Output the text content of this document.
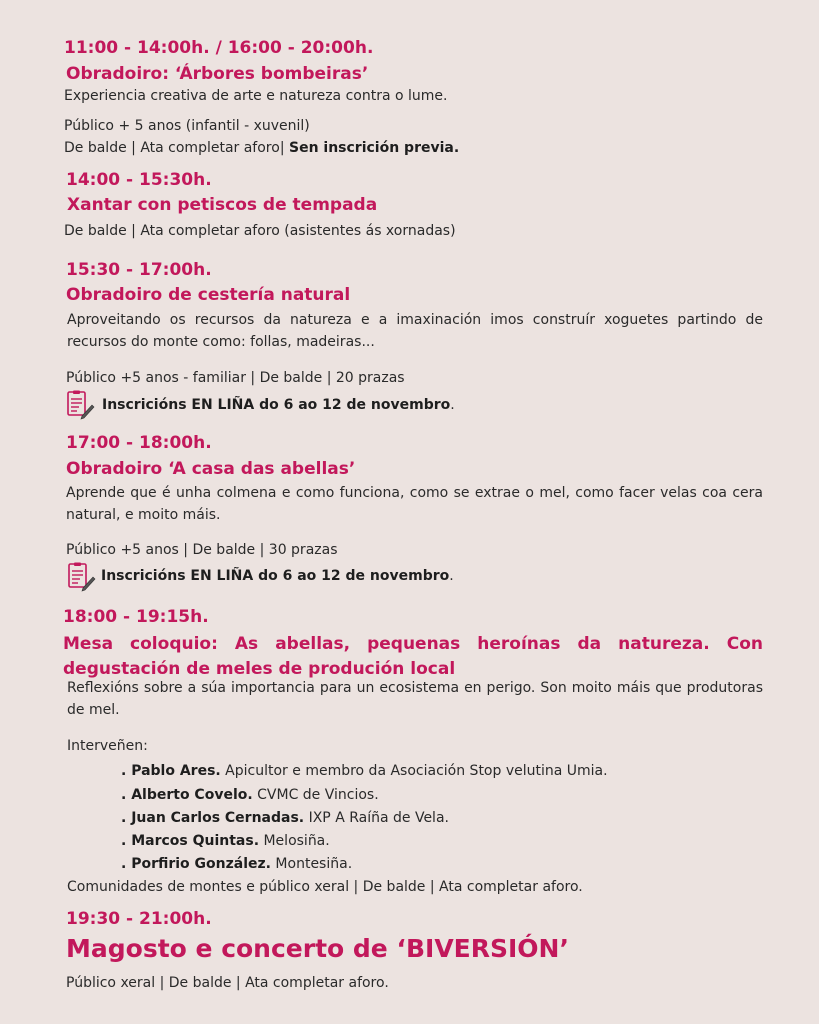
11:00 - 14:00h. / 16:00 - 20:00h.
Obradoiro: ‘Árbores bombeiras’
Experiencia creativa de arte e natureza contra o lume.
Público + 5 anos (infantil - xuvenil)
De balde | Ata completar aforo| Sen inscrición previa.
14:00 - 15:30h.
Xantar con petiscos de tempada
De balde | Ata completar aforo (asistentes ás xornadas)
15:30 - 17:00h.
Obradoiro de cestería natural
Aproveitando os recursos da natureza e a imaxinación imos construír xoguetes partindo de recursos do monte como: follas, madeiras...
Público +5 anos - familiar | De balde | 20 prazas
Inscricións EN LIÑA do 6 ao 12 de novembro.
17:00 - 18:00h.
Obradoiro ‘A casa das abellas’
Aprende que é unha colmena e como funciona, como se extrae o mel, como facer velas coa cera natural, e moito máis.
Público +5 anos | De balde | 30 prazas
Inscricións EN LIÑA do 6 ao 12 de novembro.
18:00 - 19:15h.
Mesa coloquio: As abellas, pequenas heroínas da natureza. Con degustación de meles de produción local
Reflexións sobre a súa importancia para un ecosistema en perigo. Son moito máis que produtoras de mel.
Interveñen:
. Pablo Ares. Apicultor e membro da Asociación Stop velutina Umia.
. Alberto Covelo. CVMC de Vincios.
. Juan Carlos Cernadas. IXP A Raíña de Vela.
. Marcos Quintas. Melosiña.
. Porfirio González. Montesiña.
Comunidades de montes e público xeral | De balde | Ata completar aforo.
19:30 - 21:00h.
Magosto e concerto de ‘BIVERSIÓN’
Público xeral | De balde | Ata completar aforo.
